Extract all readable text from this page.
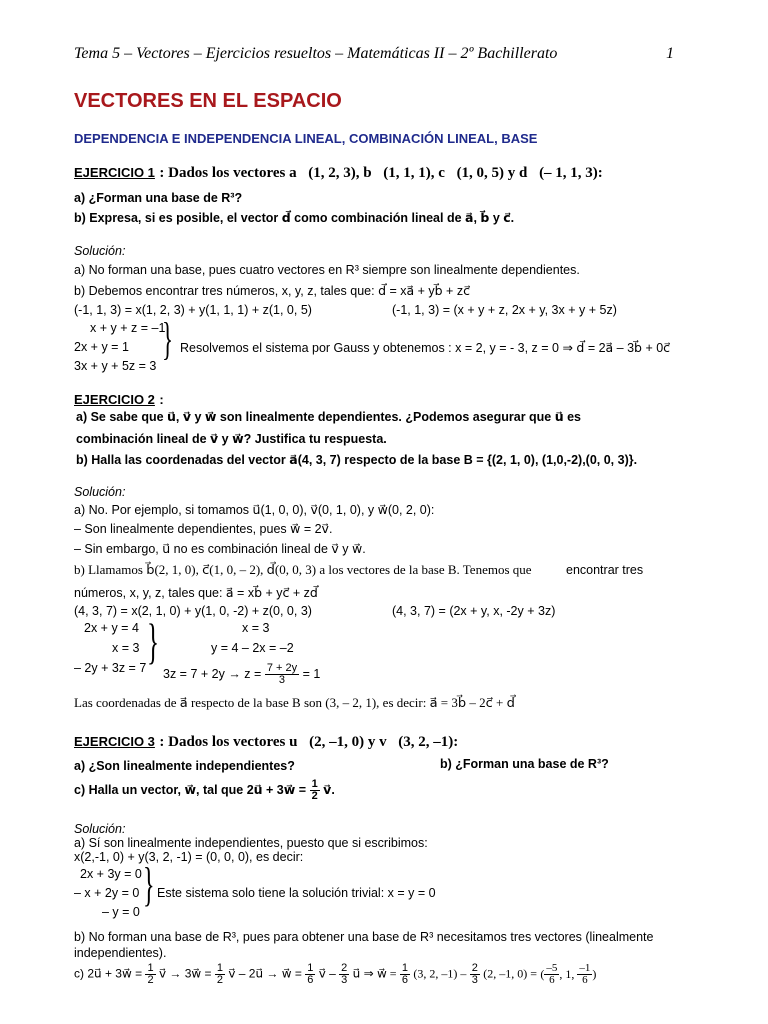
Tema 5 – Vectores – Ejercicios resueltos – Matemáticas II – 2º Bachillerato	1
VECTORES EN EL ESPACIO
DEPENDENCIA E INDEPENDENCIA LINEAL, COMBINACIÓN LINEAL, BASE
EJERCICIO 1 : Dados los vectores a⃗(1, 2, 3), b⃗(1, 1, 1), c⃗(1, 0, 5) y d⃗(– 1, 1, 3):
a) ¿Forman una base de R³?
b) Expresa, si es posible, el vector d⃗ como combinación lineal de a⃗, b⃗ y c⃗.
Solución:
a) No forman una base, pues cuatro vectores en R³ siempre son linealmente dependientes.
b) Debemos encontrar tres números, x, y, z, tales que: d⃗ = xa⃗ + yb⃗ + zc⃗
(-1, 1, 3) = x(1, 2, 3) + y(1, 1, 1) + z(1, 0, 5)	(-1, 1, 3) = (x + y + z, 2x + y, 3x + y + 5z)
x + y + z = –1
2x + y = 1
3x + y + 5z = 3
} Resolvemos el sistema por Gauss y obtenemos : x = 2, y = - 3, z = 0 ⇒ d⃗ = 2a⃗ – 3b⃗ + 0c⃗
EJERCICIO 2 :
a) Se sabe que u⃗, v⃗ y w⃗ son linealmente dependientes. ¿Podemos asegurar que u⃗ es
combinación lineal de v⃗ y w⃗? Justifica tu respuesta.
b) Halla las coordenadas del vector a⃗(4, 3, 7) respecto de la base B = {(2, 1, 0), (1,0,-2),(0, 0, 3)}.
Solución:
a) No. Por ejemplo, si tomamos u⃗(1, 0, 0), v⃗(0, 1, 0), y w⃗(0, 2, 0):
– Son linealmente dependientes, pues w⃗ = 2v⃗.
– Sin embargo, u⃗ no es combinación lineal de v⃗ y w⃗.
b) Llamamos b⃗(2, 1, 0), c⃗(1, 0, – 2), d⃗(0, 0, 3) a los vectores de la base B. Tenemos que	encontrar tres
números, x, y, z, tales que: a⃗ = xb⃗ + yc⃗ + zd⃗
(4, 3, 7) = x(2, 1, 0) + y(1, 0, -2) + z(0, 0, 3)	(4, 3, 7) = (2x + y, x, -2y + 3z)
2x + y = 4
x = 3
– 2y + 3z = 7 }	x = 3
y = 4 – 2x = –2
$3z = 7 + 2y \to z = \frac{7 + 2y}{3} = 1$
Las coordenadas de a⃗ respecto de la base B son (3, – 2, 1), es decir: a⃗ = 3b⃗ – 2c⃗ + d⃗
EJERCICIO 3 : Dados los vectores u⃗(2, –1, 0) y v⃗(3, 2, –1):
a) ¿Son linealmente independientes?	b) ¿Forman una base de R³?
c) Halla un vector, w⃗, tal que 2u⃗ + 3w⃗ = $\frac{1}{2}$ v⃗.
Solución:
a) Sí son linealmente independientes, puesto que si escribimos:
x(2,-1, 0) + y(3, 2, -1) = (0, 0, 0), es decir:
2x + 3y = 0
– x + 2y = 0
– y = 0
} Este sistema solo tiene la solución trivial: x = y = 0
b) No forman una base de R³, pues para obtener una base de R³ necesitamos tres vectores (linealmente
independientes).
c) 2u⃗ + 3w⃗ = $\frac{1}{2}$ v⃗ → 3w⃗ = $\frac{1}{2}$ v⃗ – 2u⃗ → w⃗ = $\frac{1}{6}$ v⃗ – $\frac{2}{3}$ u⃗ ⇒ w⃗ = $\frac{1}{6} (3$, 2, $-1) - \frac{2}{3} (2$, –1, 0) = ( $\frac{-5}{6}$ , 1, $\frac{-1}{6}$ )
